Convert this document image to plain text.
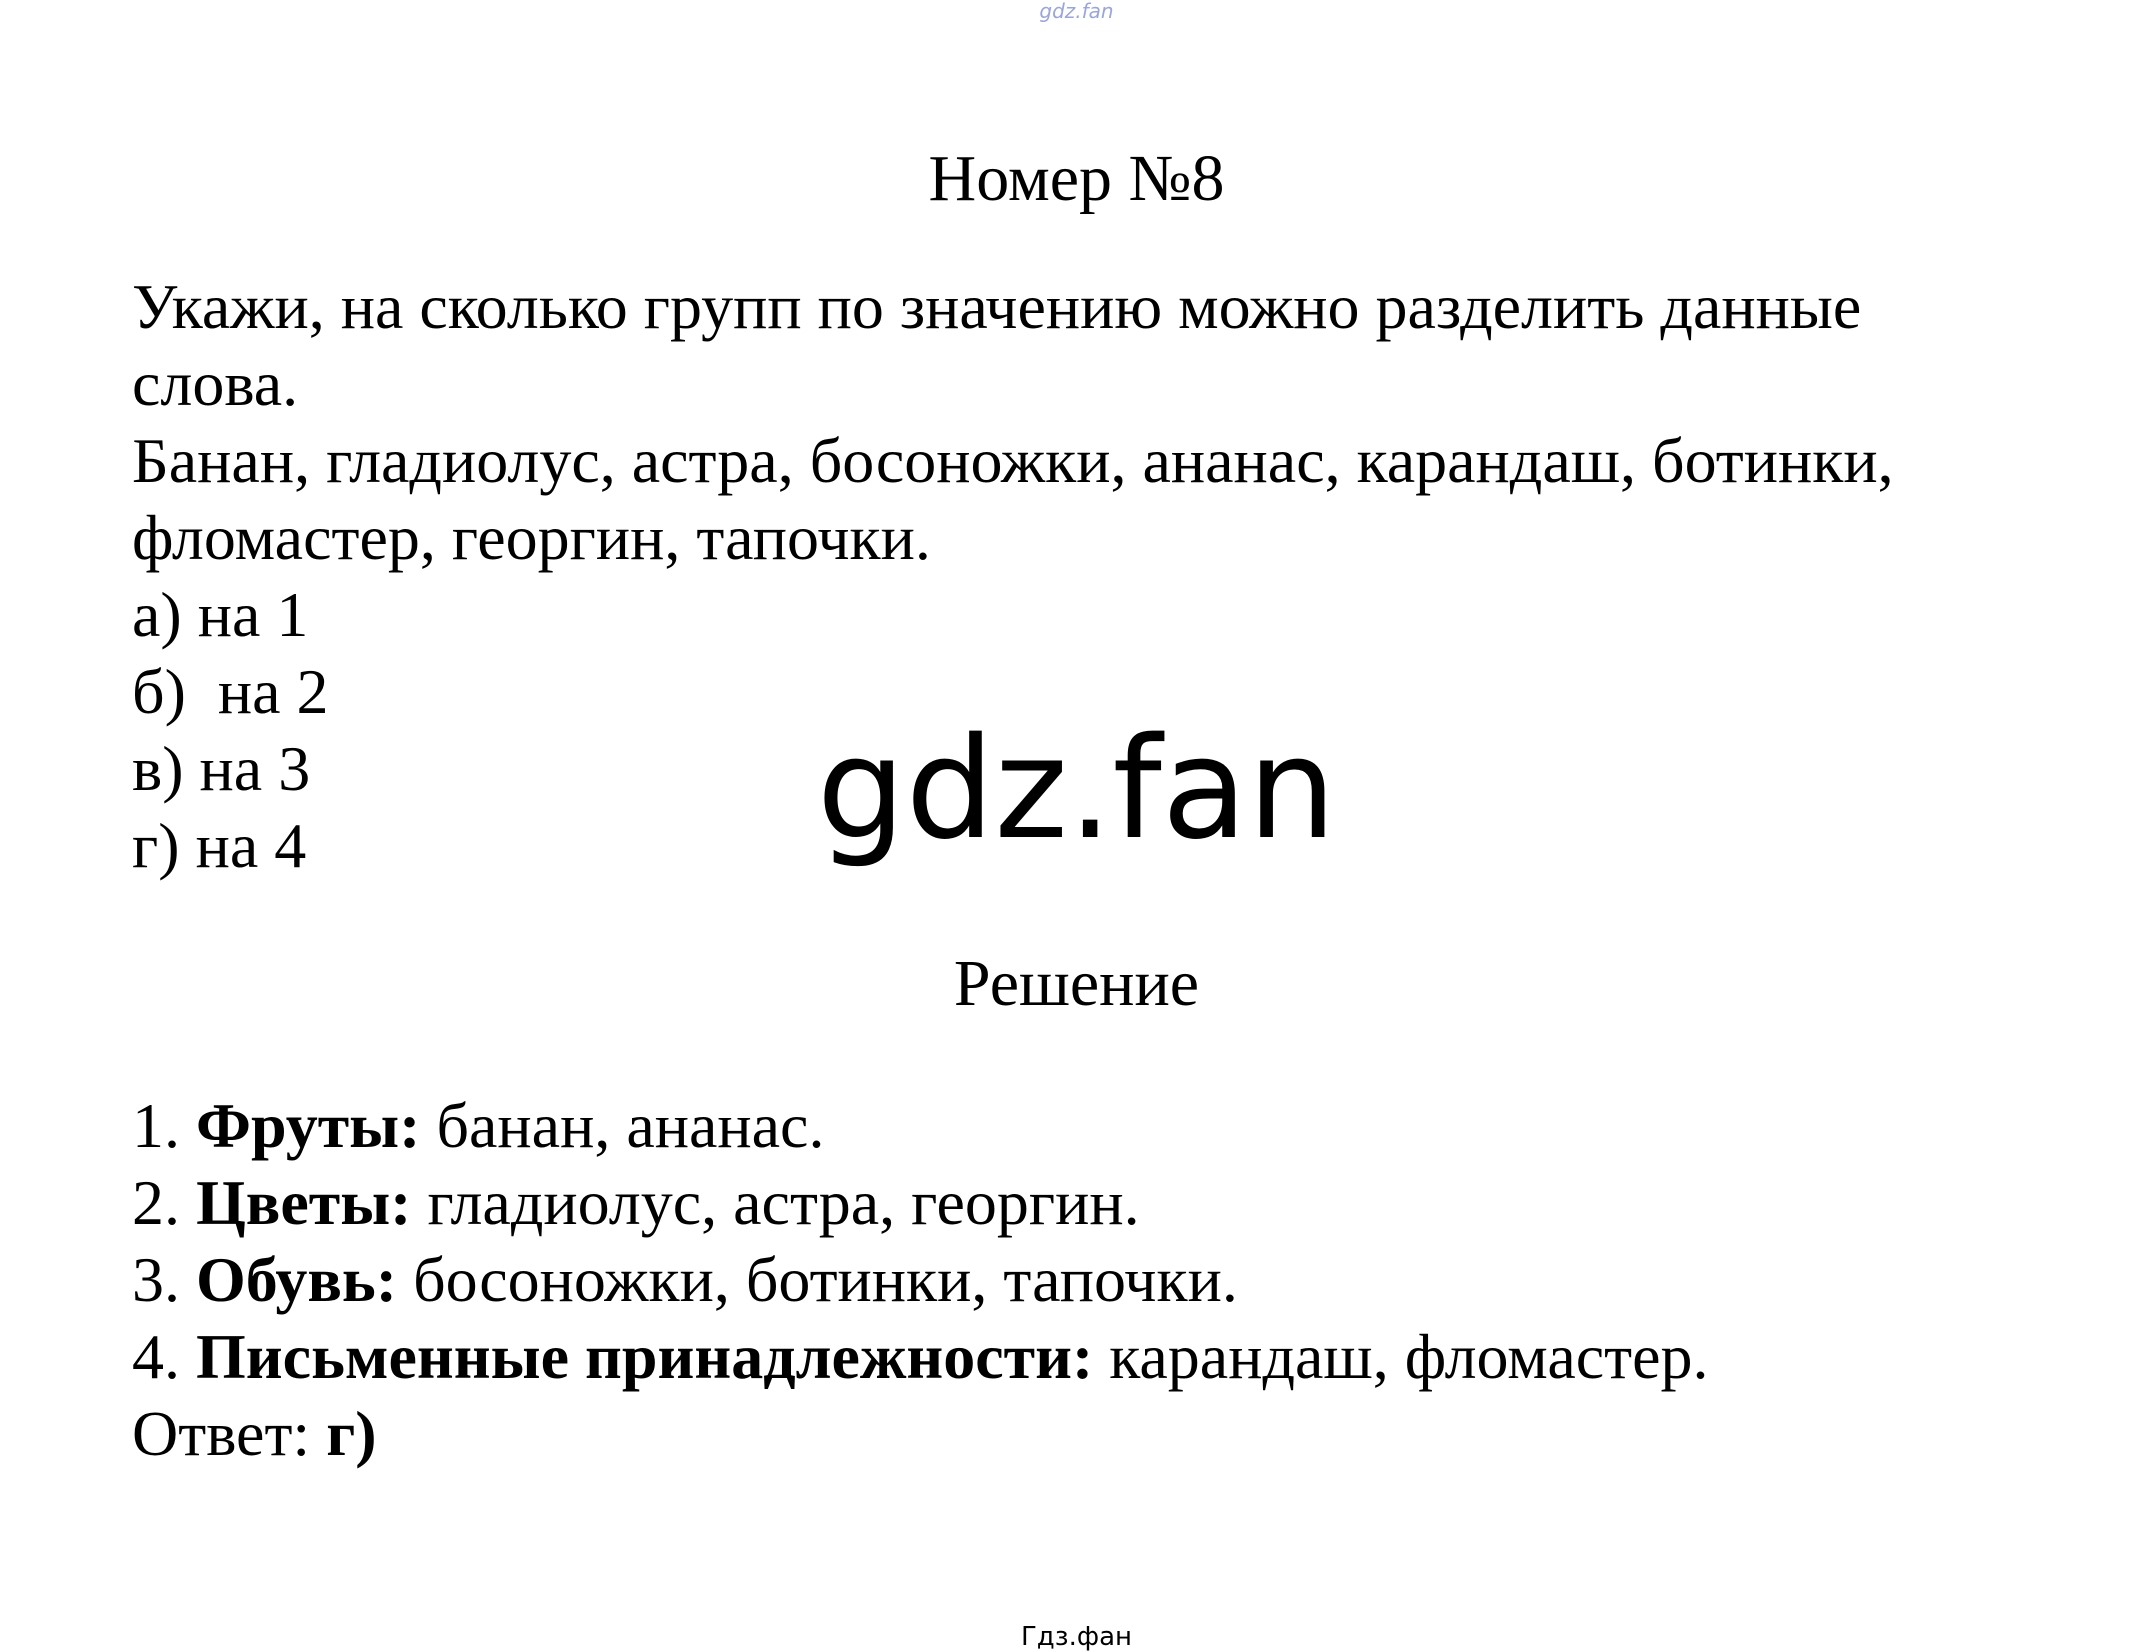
gdz.fan
Номер №8
Укажи, на сколько групп по значению можно разделить данные
слова.
Банан, гладиолус, астра, босоножки, ананас, карандаш, ботинки,
фломастер, георгин, тапочки.
а) на 1
б)  на 2
в) на 3
г) на 4	gdz.fan
Решение
1. Фруты: банан, ананас.
2. Цветы: гладиолус, астра, георгин.
3. Обувь: босоножки, ботинки, тапочки.
4. Письменные принадлежности: карандаш, фломастер.
Ответ: г)
Гдз.фан
